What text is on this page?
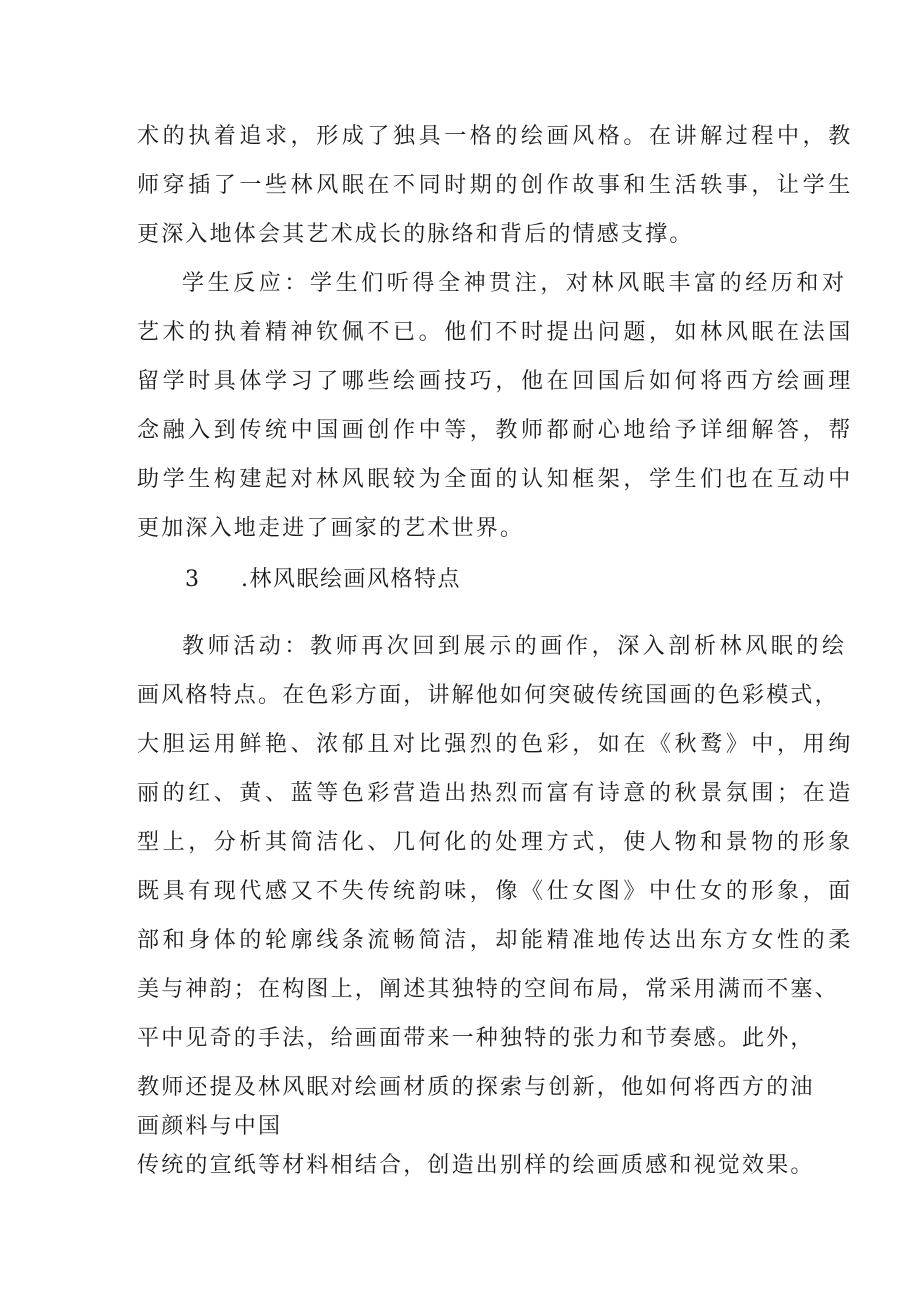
术的执着追求，形成了独具一格的绘画风格。在讲解过程中，教

师穿插了一些林风眠在不同时期的创作故事和生活轶事，让学生

更深入地体会其艺术成长的脉络和背后的情感支撑。

学生反应：学生们听得全神贯注，对林风眠丰富的经历和对

艺术的执着精神钦佩不已。他们不时提出问题，如林风眠在法国

留学时具体学习了哪些绘画技巧，他在回国后如何将西方绘画理

念融入到传统中国画创作中等，教师都耐心地给予详细解答，帮

助学生构建起对林风眠较为全面的认知框架，学生们也在互动中

更加深入地走进了画家的艺术世界。

3 .林风眠绘画风格特点

教师活动：教师再次回到展示的画作，深入剖析林风眠的绘

画风格特点。在色彩方面，讲解他如何突破传统国画的色彩模式，

大胆运用鲜艳、浓郁且对比强烈的色彩，如在《秋鹜》中，用绚

丽的红、黄、蓝等色彩营造出热烈而富有诗意的秋景氛围；在造

型上，分析其简洁化、几何化的处理方式，使人物和景物的形象

既具有现代感又不失传统韵味，像《仕女图》中仕女的形象，面

部和身体的轮廓线条流畅简洁，却能精准地传达出东方女性的柔

美与神韵；在构图上，阐述其独特的空间布局，常采用满而不塞、

平中见奇的手法，给画面带来一种独特的张力和节奏感。此外，

教师还提及林风眠对绘画材质的探索与创新，他如何将西方的油

画颜料与中国

传统的宣纸等材料相结合，创造出别样的绘画质感和视觉效果。
